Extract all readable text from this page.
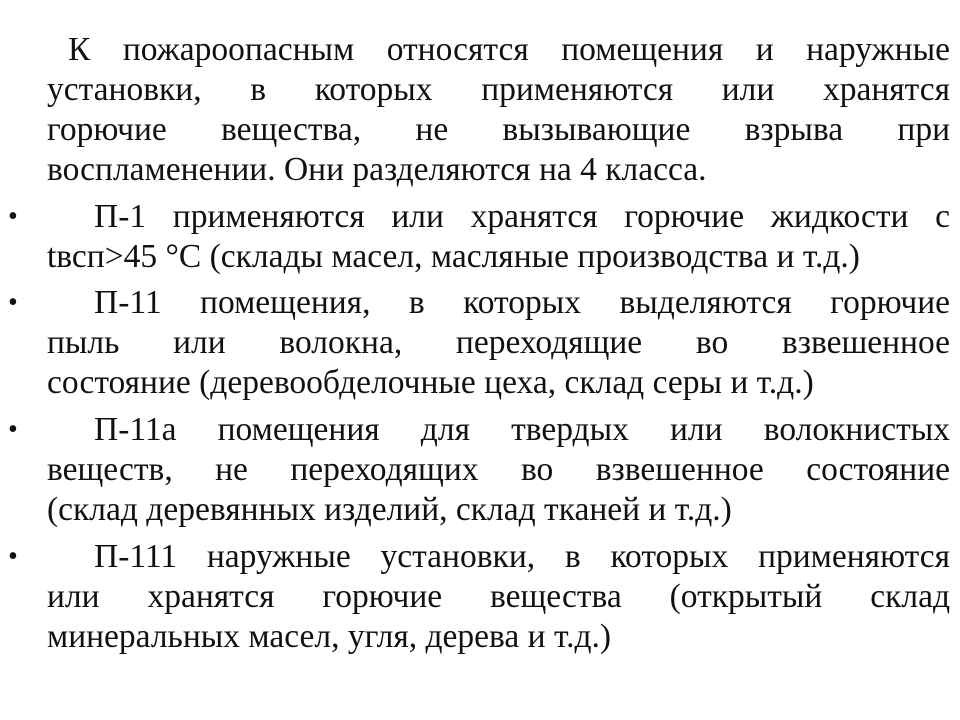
К пожароопасным относятся помещения и наружные
установки, в которых применяются или хранятся
горючие вещества, не вызывающие взрыва при
воспламенении. Они разделяются на 4 класса.
• П-1 применяются или хранятся горючие жидкости с
tвсп>45 °С (склады масел, масляные производства и т.д.)
• П-11 помещения, в которых выделяются горючие
пыль или волокна, переходящие во взвешенное
состояние (деревообделочные цеха, склад серы и т.д.)
• П-11а помещения для твердых или волокнистых
веществ, не переходящих во взвешенное состояние
(склад деревянных изделий, склад тканей и т.д.)
• П-111 наружные установки, в которых применяются
или хранятся горючие вещества (открытый склад
минеральных масел, угля, дерева и т.д.)
